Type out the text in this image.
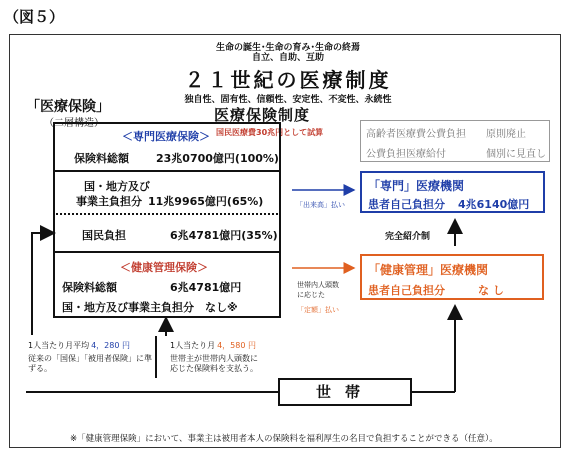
（図５）
生命の誕生･生命の育み･生命の終焉
自立、自助、互助
２１世紀の医療制度
独自性、固有性、信頼性、安定性、不変性、永続性
医療保険制度
国民医療費30兆円として試算
「医療保険」
（二層構造）
＜専門医療保険＞
保険料総額 23兆0700億円(100%)
国・地方及び
事業主負担分 11兆9965億円(65%)
国民負担	6兆4781億円(35%)
＜健康管理保険＞
保険料総額	6兆4781億円
国・地方及び事業主負担分 なし※
高齢者医療費公費負担 原則廃止
公費負担医療給付	個別に見直し
「専門」医療機関
患者自己負担分 4兆6140億円
完全紹介制
「健康管理」医療機関
患者自己負担分	な し
「出来高」払い
世帯内人頭数
に応じた
「定額」払い
1人当たり月平均 4，280 円
従来の「国保」「被用者保険」に準
ずる。
1人当たり月 4，580 円
世帯主が世帯内人頭数に
応じた保険料を支払う。
世帯
※「健康管理保険」において、事業主は被用者本人の保険料を福利厚生の名目で負担することができる（任意）。
